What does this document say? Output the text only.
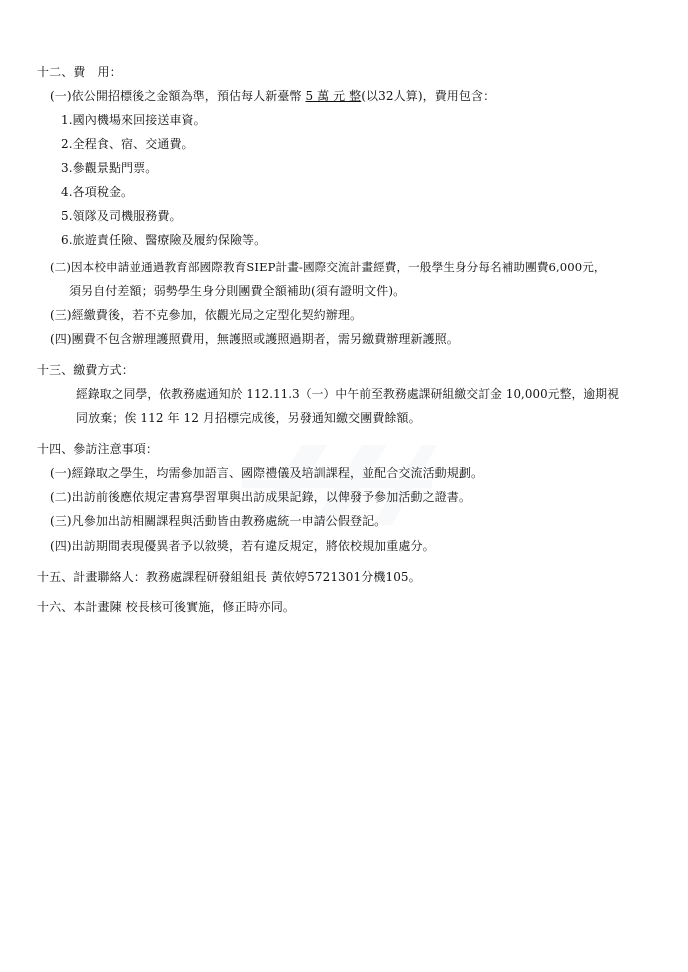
十二、費　用：
(一)依公開招標後之金額為準，預估每人新臺幣 5 萬 元 整(以32人算)，費用包含：
1.國內機場來回接送車資。
2.全程食、宿、交通費。
3.參觀景點門票。
4.各項稅金。
5.領隊及司機服務費。
6.旅遊責任險、醫療險及履約保險等。
(二)因本校申請並通過教育部國際教育SIEP計畫-國際交流計畫經費，一般學生身分每名補助團費6,000元，
須另自付差額；弱勢學生身分則團費全額補助(須有證明文件)。
(三)經繳費後，若不克參加，依觀光局之定型化契約辦理。
(四)團費不包含辦理護照費用，無護照或護照過期者，需另繳費辦理新護照。
十三、繳費方式：
經錄取之同學，依教務處通知於 112.11.3（一）中午前至教務處課研組繳交訂金 10,000元整，逾期視
同放棄；俟 112 年 12 月招標完成後，另發通知繳交團費餘額。
十四、參訪注意事項：
(一)經錄取之學生，均需參加語言、國際禮儀及培訓課程，並配合交流活動規劃。
(二)出訪前後應依規定書寫學習單與出訪成果記錄，以俾發予參加活動之證書。
(三)凡參加出訪相關課程與活動皆由教務處統一申請公假登記。
(四)出訪期間表現優異者予以敘獎，若有違反規定，將依校規加重處分。
十五、計畫聯絡人：教務處課程研發組組長 黃依婷5721301分機105。
十六、本計畫陳 校長核可後實施，修正時亦同。
